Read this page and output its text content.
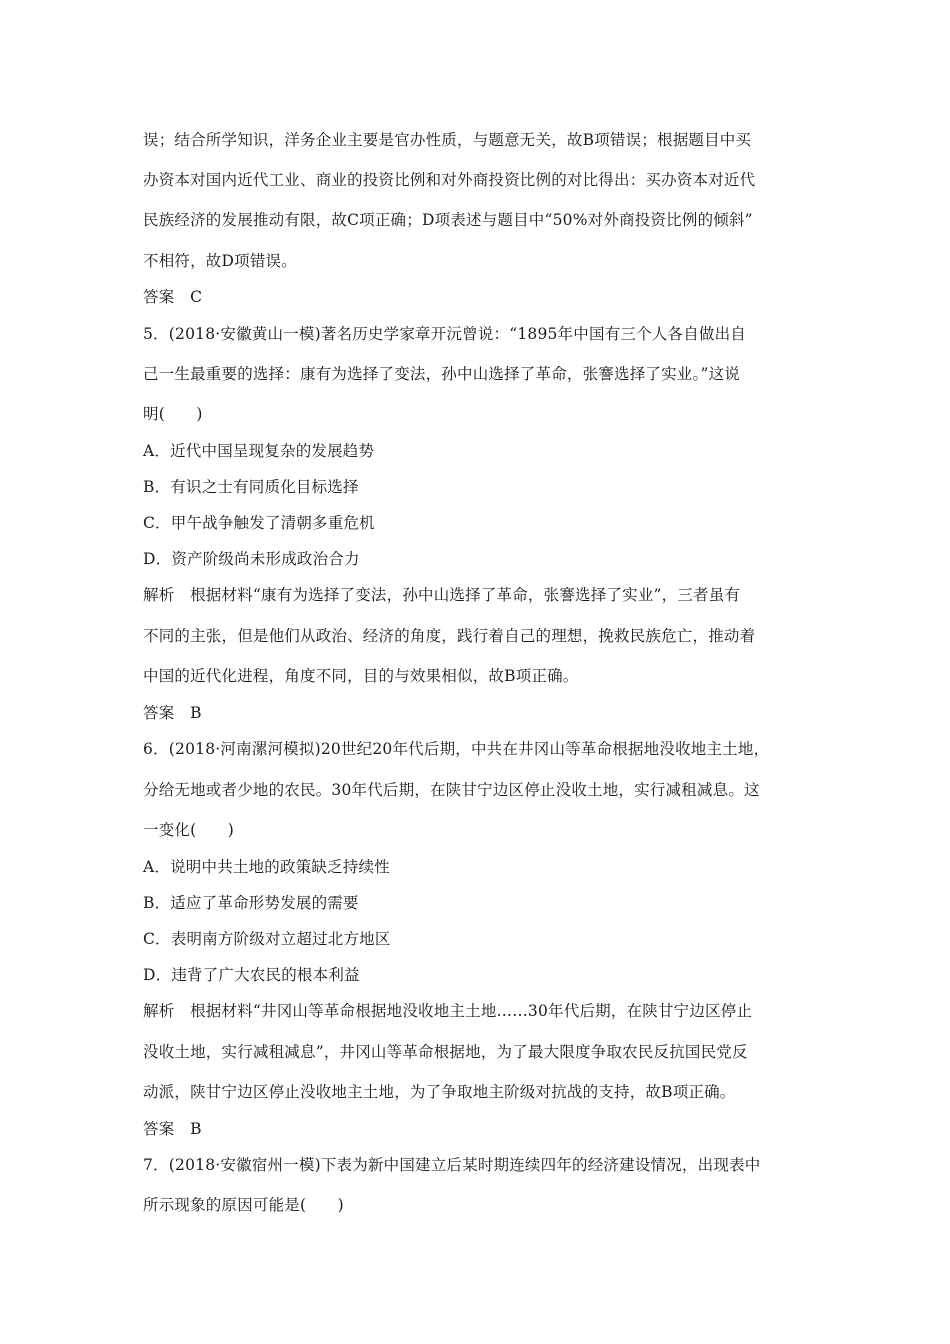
误；结合所学知识，洋务企业主要是官办性质，与题意无关，故B项错误；根据题目中买
办资本对国内近代工业、商业的投资比例和对外商投资比例的对比得出：买办资本对近代
民族经济的发展推动有限，故C项正确；D项表述与题目中“50%对外商投资比例的倾斜”
不相符，故D项错误。
答案　C
5．(2018·安徽黄山一模)著名历史学家章开沅曾说：“1895年中国有三个人各自做出自
己一生最重要的选择：康有为选择了变法，孙中山选择了革命，张謇选择了实业。”这说
明(　　)
A．近代中国呈现复杂的发展趋势
B．有识之士有同质化目标选择
C．甲午战争触发了清朝多重危机
D．资产阶级尚未形成政治合力
解析　根据材料“康有为选择了变法，孙中山选择了革命，张謇选择了实业”，三者虽有
不同的主张，但是他们从政治、经济的角度，践行着自己的理想，挽救民族危亡，推动着
中国的近代化进程，角度不同，目的与效果相似，故B项正确。
答案　B
6．(2018·河南漯河模拟)20世纪20年代后期，中共在井冈山等革命根据地没收地主土地，
分给无地或者少地的农民。30年代后期，在陕甘宁边区停止没收土地，实行减租减息。这
一变化(　　)
A．说明中共土地的政策缺乏持续性
B．适应了革命形势发展的需要
C．表明南方阶级对立超过北方地区
D．违背了广大农民的根本利益
解析　根据材料“井冈山等革命根据地没收地主土地……30年代后期，在陕甘宁边区停止
没收土地，实行减租减息”，井冈山等革命根据地，为了最大限度争取农民反抗国民党反
动派，陕甘宁边区停止没收地主土地，为了争取地主阶级对抗战的支持，故B项正确。
答案　B
7．(2018·安徽宿州一模)下表为新中国建立后某时期连续四年的经济建设情况，出现表中
所示现象的原因可能是(　　)
